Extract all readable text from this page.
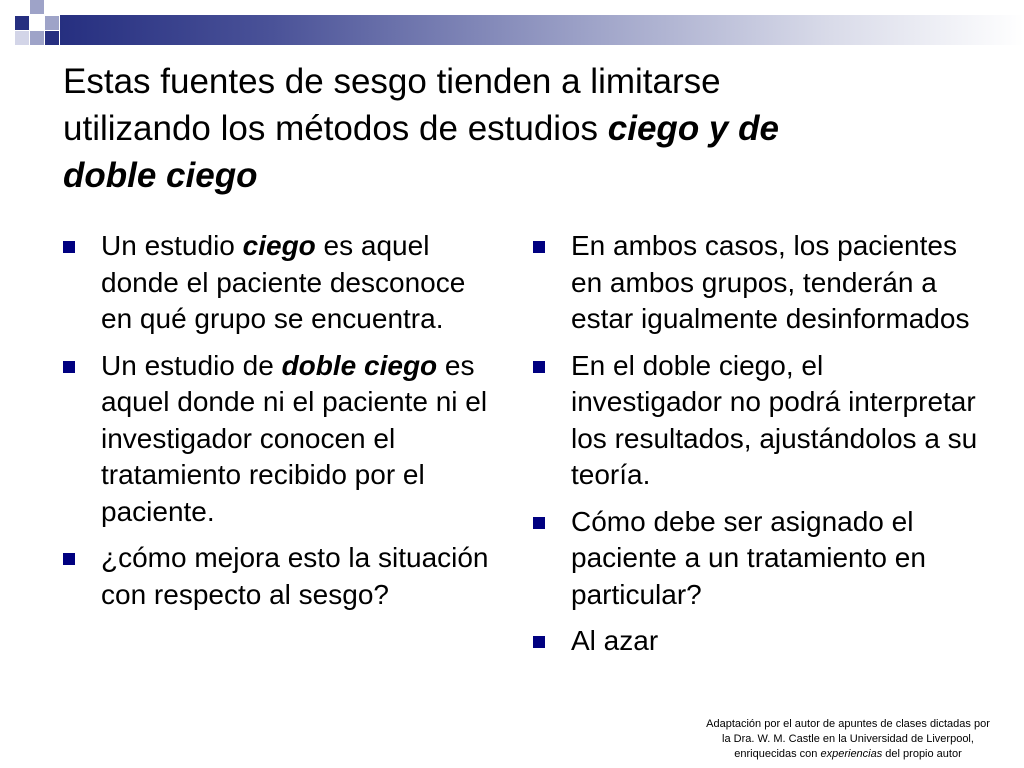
Estas fuentes de sesgo tienden a limitarse
utilizando los métodos de estudios ciego y de
doble ciego
Un estudio ciego es aquel donde el paciente desconoce en qué grupo se encuentra.
Un estudio de doble ciego es aquel donde ni el paciente ni el investigador conocen el tratamiento recibido por el paciente.
¿cómo mejora esto la situación con respecto al sesgo?
En ambos casos, los pacientes en ambos grupos, tenderán a estar igualmente desinformados
En el doble ciego, el investigador no podrá interpretar los resultados, ajustándolos a su teoría.
Cómo debe ser asignado el paciente a un tratamiento en particular?
Al azar
Adaptación por el autor de apuntes de clases dictadas por
la Dra. W. M. Castle en la Universidad de Liverpool,
enriquecidas con experiencias del propio autor
